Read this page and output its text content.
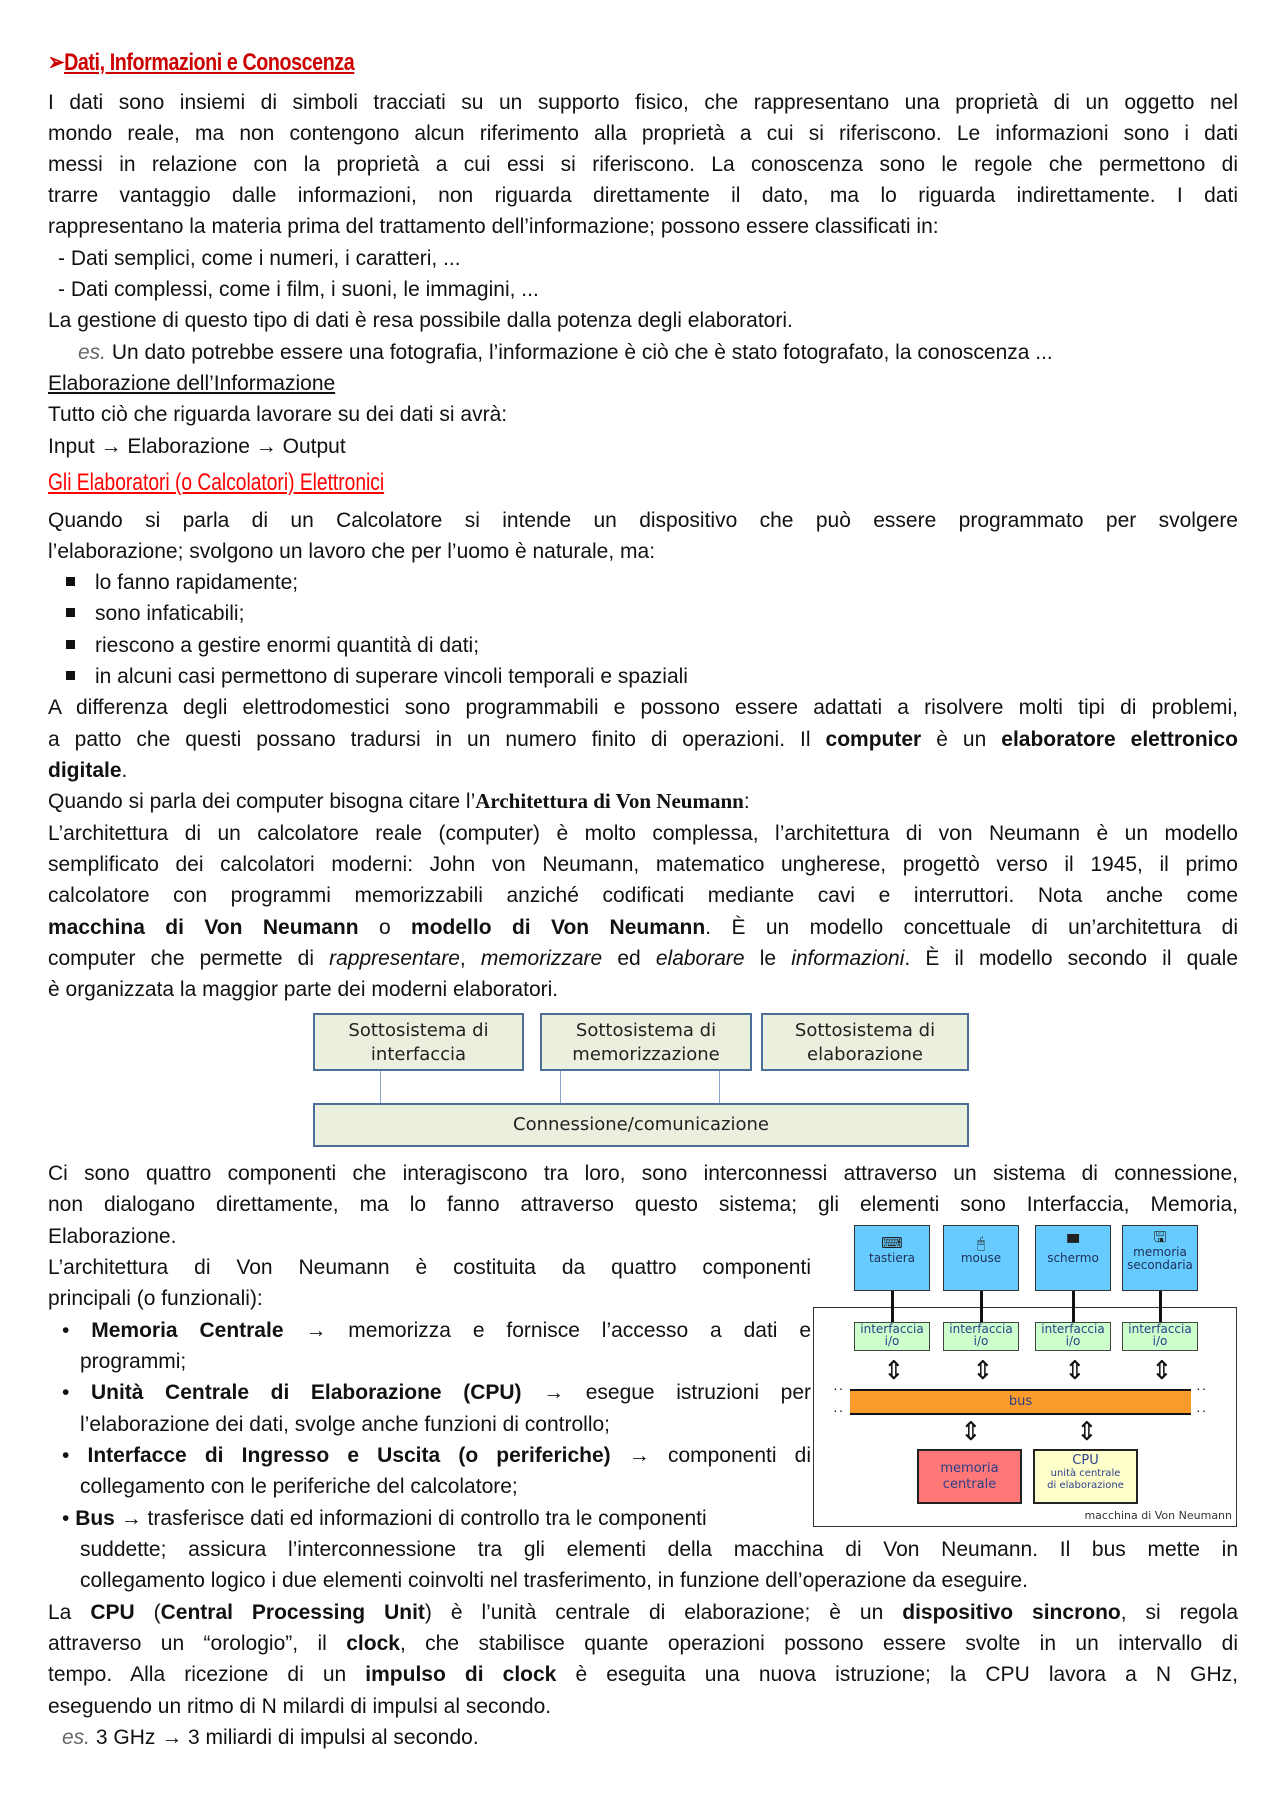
➢Dati, Informazioni e Conoscenza
I dati sono insiemi di simboli tracciati su un supporto fisico, che rappresentano una proprietà di un oggetto nel
mondo reale, ma non contengono alcun riferimento alla proprietà a cui si riferiscono. Le informazioni sono i dati
messi in relazione con la proprietà a cui essi si riferiscono. La conoscenza sono le regole che permettono di
trarre vantaggio dalle informazioni, non riguarda direttamente il dato, ma lo riguarda indirettamente. I dati
rappresentano la materia prima del trattamento dell’informazione; possono essere classificati in:
- Dati semplici, come i numeri, i caratteri, ...
- Dati complessi, come i film, i suoni, le immagini, ...
La gestione di questo tipo di dati è resa possibile dalla potenza degli elaboratori.
es. Un dato potrebbe essere una fotografia, l’informazione è ciò che è stato fotografato, la conoscenza ...
Elaborazione dell’Informazione
Tutto ciò che riguarda lavorare su dei dati si avrà:
Input → Elaborazione → Output
Gli Elaboratori (o Calcolatori) Elettronici
Quando si parla di un Calcolatore si intende un dispositivo che può essere programmato per svolgere
l’elaborazione; svolgono un lavoro che per l’uomo è naturale, ma:
lo fanno rapidamente;
sono infaticabili;
riescono a gestire enormi quantità di dati;
in alcuni casi permettono di superare vincoli temporali e spaziali
A differenza degli elettrodomestici sono programmabili e possono essere adattati a risolvere molti tipi di problemi,
a patto che questi possano tradursi in un numero finito di operazioni. Il computer è un elaboratore elettronico
digitale.
Quando si parla dei computer bisogna citare l’Architettura di Von Neumann:
L’architettura di un calcolatore reale (computer) è molto complessa, l’architettura di von Neumann è un modello
semplificato dei calcolatori moderni: John von Neumann, matematico ungherese, progettò verso il 1945, il primo
calcolatore con programmi memorizzabili anziché codificati mediante cavi e interruttori. Nota anche come
macchina di Von Neumann o modello di Von Neumann. È un modello concettuale di un’architettura di
computer che permette di rappresentare, memorizzare ed elaborare le informazioni. È il modello secondo il quale
è organizzata la maggior parte dei moderni elaboratori.
Sottosistema di
interfaccia
Sottosistema di
memorizzazione
Sottosistema di
elaborazione
Connessione/comunicazione
Ci sono quattro componenti che interagiscono tra loro, sono interconnessi attraverso un sistema di connessione,
non dialogano direttamente, ma lo fanno attraverso questo sistema; gli elementi sono Interfaccia, Memoria,
Elaborazione.
L’architettura di Von Neumann è costituita da quattro componenti
principali (o funzionali):
• Memoria Centrale → memorizza e fornisce l’accesso a dati e
programmi;
• Unità Centrale di Elaborazione (CPU) → esegue istruzioni per
l’elaborazione dei dati, svolge anche funzioni di controllo;
• Interfacce di Ingresso e Uscita (o periferiche) → componenti di
collegamento con le periferiche del calcolatore;
• Bus → trasferisce dati ed informazioni di controllo tra le componenti
suddette; assicura l’interconnessione tra gli elementi della macchina di Von Neumann. Il bus mette in
collegamento logico i due elementi coinvolti nel trasferimento, in funzione dell’operazione da eseguire.
⌨
tastiera
🖰
mouse
▀
schermo
🖫
memoria
secondaria
interfaccia
i/o
interfaccia
i/o
interfaccia
i/o
interfaccia
i/o
⇕	⇕	⇕	⇕
··
··
··
··
bus
⇕	⇕
memoria
centrale
CPU
unità centrale
di elaborazione
macchina di Von Neumann
La CPU (Central Processing Unit) è l’unità centrale di elaborazione; è un dispositivo sincrono, si regola
attraverso un “orologio”, il clock, che stabilisce quante operazioni possono essere svolte in un intervallo di
tempo. Alla ricezione di un impulso di clock è eseguita una nuova istruzione; la CPU lavora a N GHz,
eseguendo un ritmo di N milardi di impulsi al secondo.
es. 3 GHz → 3 miliardi di impulsi al secondo.
